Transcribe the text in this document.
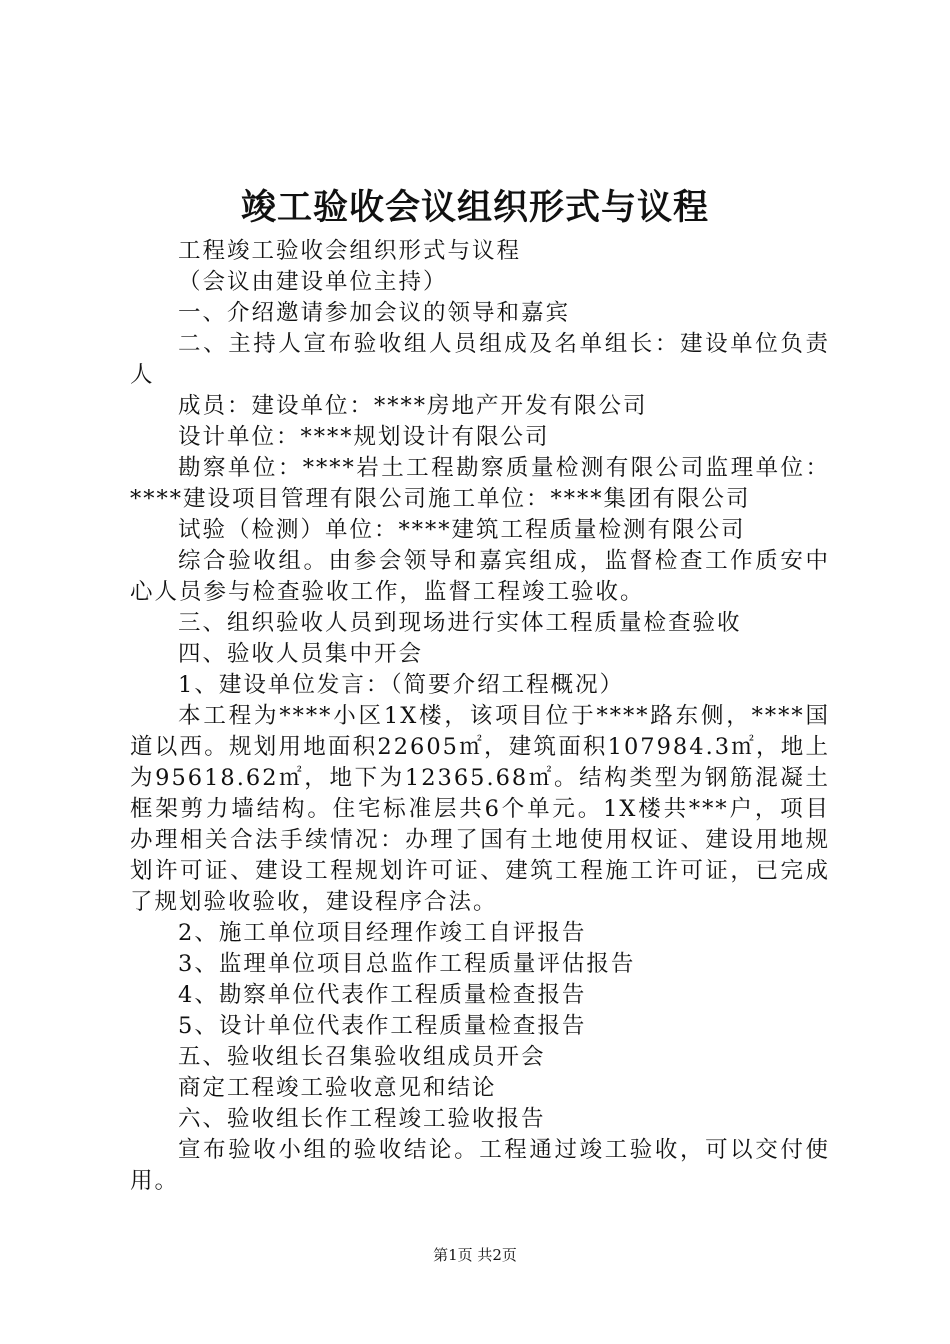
竣工验收会议组织形式与议程

工程竣工验收会组织形式与议程

（会议由建设单位主持）

一、介绍邀请参加会议的领导和嘉宾

二、主持人宣布验收组人员组成及名单组长：建设单位负责人

成员：建设单位：****房地产开发有限公司

设计单位：****规划设计有限公司

勘察单位：****岩土工程勘察质量检测有限公司监理单位：****建设项目管理有限公司施工单位：****集团有限公司

试验（检测）单位：****建筑工程质量检测有限公司

综合验收组。由参会领导和嘉宾组成，监督检查工作质安中心人员参与检查验收工作，监督工程竣工验收。

三、组织验收人员到现场进行实体工程质量检查验收

四、验收人员集中开会

1、建设单位发言：（简要介绍工程概况）

本工程为****小区1X楼，该项目位于****路东侧，****国道以西。规划用地面积22605㎡，建筑面积107984.3㎡，地上为95618.62㎡，地下为12365.68㎡。结构类型为钢筋混凝土框架剪力墙结构。住宅标准层共6个单元。1X楼共***户，项目办理相关合法手续情况：办理了国有土地使用权证、建设用地规划许可证、建设工程规划许可证、建筑工程施工许可证，已完成了规划验收验收，建设程序合法。

2、施工单位项目经理作竣工自评报告

3、监理单位项目总监作工程质量评估报告

4、勘察单位代表作工程质量检查报告

5、设计单位代表作工程质量检查报告

五、验收组长召集验收组成员开会

商定工程竣工验收意见和结论

六、验收组长作工程竣工验收报告

宣布验收小组的验收结论。工程通过竣工验收，可以交付使用。

第1页 共2页
